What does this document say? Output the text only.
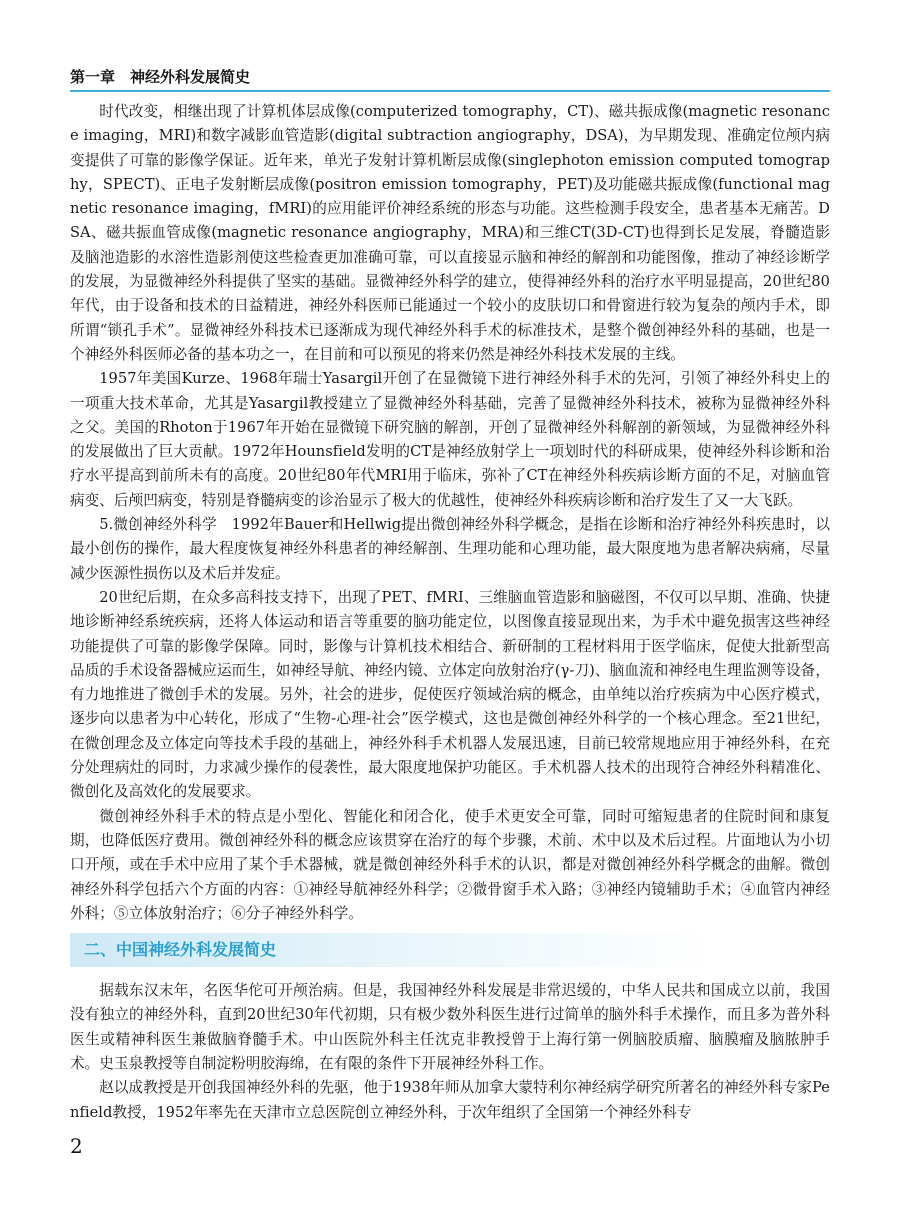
第一章　神经外科发展简史

时代改变，相继出现了计算机体层成像(computerized tomography，CT)、磁共振成像(magnetic resonance imaging，MRI)和数字减影血管造影(digital subtraction angiography，DSA)，为早期发现、准确定位颅内病变提供了可靠的影像学保证。近年来，单光子发射计算机断层成像(singlephoton emission computed tomography，SPECT)、正电子发射断层成像(positron emission tomography，PET)及功能磁共振成像(functional magnetic resonance imaging，fMRI)的应用能评价神经系统的形态与功能。这些检测手段安全，患者基本无痛苦。DSA、磁共振血管成像(magnetic resonance angiography，MRA)和三维CT(3D-CT)也得到长足发展，脊髓造影及脑池造影的水溶性造影剂使这些检查更加准确可靠，可以直接显示脑和神经的解剖和功能图像，推动了神经诊断学的发展，为显微神经外科提供了坚实的基础。显微神经外科学的建立，使得神经外科的治疗水平明显提高，20世纪80年代，由于设备和技术的日益精进，神经外科医师已能通过一个较小的皮肤切口和骨窗进行较为复杂的颅内手术，即所谓“锁孔手术”。显微神经外科技术已逐渐成为现代神经外科手术的标准技术，是整个微创神经外科的基础，也是一个神经外科医师必备的基本功之一，在目前和可以预见的将来仍然是神经外科技术发展的主线。

1957年美国Kurze、1968年瑞士Yasargil开创了在显微镜下进行神经外科手术的先河，引领了神经外科史上的一项重大技术革命，尤其是Yasargil教授建立了显微神经外科基础，完善了显微神经外科技术，被称为显微神经外科之父。美国的Rhoton于1967年开始在显微镜下研究脑的解剖，开创了显微神经外科解剖的新领域，为显微神经外科的发展做出了巨大贡献。1972年Hounsfield发明的CT是神经放射学上一项划时代的科研成果，使神经外科诊断和治疗水平提高到前所未有的高度。20世纪80年代MRI用于临床，弥补了CT在神经外科疾病诊断方面的不足，对脑血管病变、后颅凹病变，特别是脊髓病变的诊治显示了极大的优越性，使神经外科疾病诊断和治疗发生了又一大飞跃。

5.微创神经外科学　1992年Bauer和Hellwig提出微创神经外科学概念，是指在诊断和治疗神经外科疾患时，以最小创伤的操作，最大程度恢复神经外科患者的神经解剖、生理功能和心理功能，最大限度地为患者解决病痛，尽量减少医源性损伤以及术后并发症。

20世纪后期，在众多高科技支持下，出现了PET、fMRI、三维脑血管造影和脑磁图，不仅可以早期、准确、快捷地诊断神经系统疾病，还将人体运动和语言等重要的脑功能定位，以图像直接显现出来，为手术中避免损害这些神经功能提供了可靠的影像学保障。同时，影像与计算机技术相结合、新研制的工程材料用于医学临床，促使大批新型高品质的手术设备器械应运而生，如神经导航、神经内镜、立体定向放射治疗(γ-刀)、脑血流和神经电生理监测等设备，有力地推进了微创手术的发展。另外，社会的进步，促使医疗领域治病的概念，由单纯以治疗疾病为中心医疗模式，逐步向以患者为中心转化，形成了“生物-心理-社会”医学模式，这也是微创神经外科学的一个核心理念。至21世纪，在微创理念及立体定向等技术手段的基础上，神经外科手术机器人发展迅速，目前已较常规地应用于神经外科，在充分处理病灶的同时，力求减少操作的侵袭性，最大限度地保护功能区。手术机器人技术的出现符合神经外科精准化、微创化及高效化的发展要求。

微创神经外科手术的特点是小型化、智能化和闭合化，使手术更安全可靠，同时可缩短患者的住院时间和康复期，也降低医疗费用。微创神经外科的概念应该贯穿在治疗的每个步骤，术前、术中以及术后过程。片面地认为小切口开颅，或在手术中应用了某个手术器械，就是微创神经外科手术的认识，都是对微创神经外科学概念的曲解。微创神经外科学包括六个方面的内容：①神经导航神经外科学；②微骨窗手术入路；③神经内镜辅助手术；④血管内神经外科；⑤立体放射治疗；⑥分子神经外科学。

二、中国神经外科发展简史

据载东汉末年，名医华佗可开颅治病。但是，我国神经外科发展是非常迟缓的，中华人民共和国成立以前，我国没有独立的神经外科，直到20世纪30年代初期，只有极少数外科医生进行过简单的脑外科手术操作，而且多为普外科医生或精神科医生兼做脑脊髓手术。中山医院外科主任沈克非教授曾于上海行第一例脑胶质瘤、脑膜瘤及脑脓肿手术。史玉泉教授等自制淀粉明胶海绵，在有限的条件下开展神经外科工作。

赵以成教授是开创我国神经外科的先驱，他于1938年师从加拿大蒙特利尔神经病学研究所著名的神经外科专家Penfield教授，1952年率先在天津市立总医院创立神经外科，于次年组织了全国第一个神经外科专

2
